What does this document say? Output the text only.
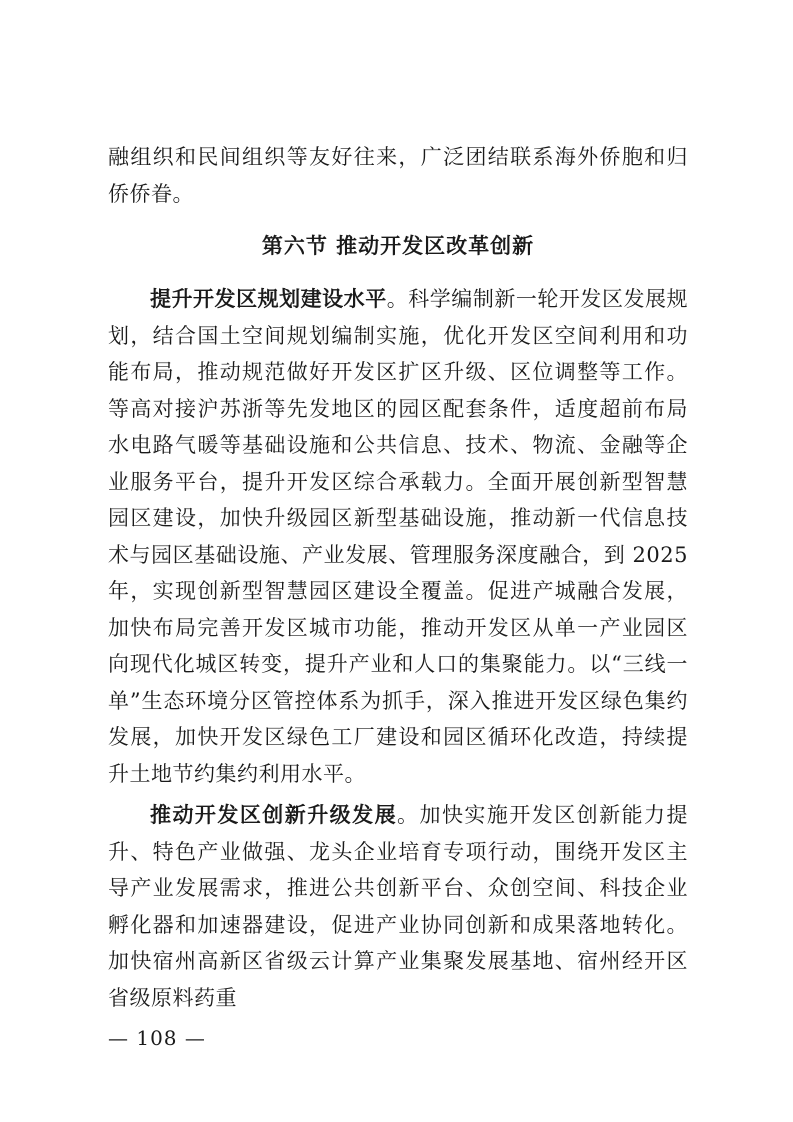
融组织和民间组织等友好往来，广泛团结联系海外侨胞和归侨侨眷。
第六节 推动开发区改革创新
提升开发区规划建设水平。科学编制新一轮开发区发展规划，结合国土空间规划编制实施，优化开发区空间利用和功能布局，推动规范做好开发区扩区升级、区位调整等工作。等高对接沪苏浙等先发地区的园区配套条件，适度超前布局水电路气暖等基础设施和公共信息、技术、物流、金融等企业服务平台，提升开发区综合承载力。全面开展创新型智慧园区建设，加快升级园区新型基础设施，推动新一代信息技术与园区基础设施、产业发展、管理服务深度融合，到 2025 年，实现创新型智慧园区建设全覆盖。促进产城融合发展，加快布局完善开发区城市功能，推动开发区从单一产业园区向现代化城区转变，提升产业和人口的集聚能力。以“三线一单”生态环境分区管控体系为抓手，深入推进开发区绿色集约发展，加快开发区绿色工厂建设和园区循环化改造，持续提升土地节约集约利用水平。
推动开发区创新升级发展。加快实施开发区创新能力提升、特色产业做强、龙头企业培育专项行动，围绕开发区主导产业发展需求，推进公共创新平台、众创空间、科技企业孵化器和加速器建设，促进产业协同创新和成果落地转化。加快宿州高新区省级云计算产业集聚发展基地、宿州经开区省级原料药重
— 108 —
